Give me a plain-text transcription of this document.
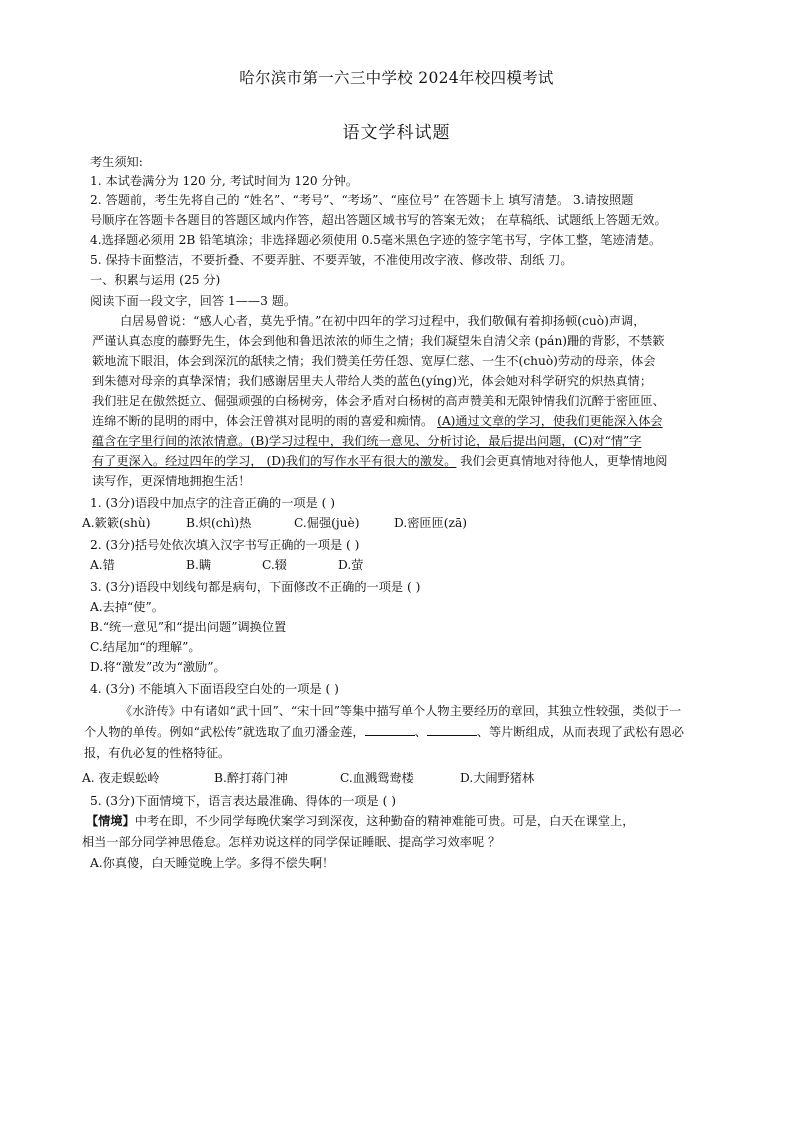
哈尔滨市第一六三中学校 2024年校四模考试
语文学科试题
考生须知:
1. 本试卷满分为 120 分, 考试时间为 120 分钟。
2. 答题前，考生先将自己的 “姓名”、“考号”、“考场”、“座位号” 在答题卡上 填写清楚。 3.请按照题
号顺序在答题卡各题目的答题区域内作答，超出答题区域书写的答案无效； 在草稿纸、试题纸上答题无效。
4.选择题必须用 2B 铅笔填涂；非选择题必须使用 0.5毫米黑色字迹的签字笔书写，字体工整，笔迹清楚。
5. 保持卡面整洁，不要折叠、不要弄脏、不要弄皱，不准使用改字液、修改带、刮纸 刀。
一、积累与运用 (25 分)
阅读下面一段文字，回答 1——3 题。
白居易曾说：“感人心者，莫先乎情。”在初中四年的学习过程中，我们敬佩有着抑扬顿(cuò)声调，
严谨认真态度的藤野先生，体会到他和鲁迅浓浓的师生之情；我们凝望朱自清父亲 (pán)跚的背影，不禁簌
簌地流下眼泪，体会到深沉的舐犊之情；我们赞美任劳任怨、宽厚仁慈、一生不(chuò)劳动的母亲，体会
到朱德对母亲的真挚深情；我们感谢居里夫人带给人类的蓝色(yíng)光，体会她对科学研究的炽热真情；
我们驻足在傲然挺立、倔强顽强的白杨树旁，体会矛盾对白杨树的高声赞美和无限钟情我们沉醉于密匝匝、
连绵不断的昆明的雨中，体会汪曾祺对昆明的雨的喜爱和痴情。 (A)通过文章的学习，使我们更能深入体会
蕴含在字里行间的浓浓情意。(B)学习过程中，我们统一意见、分析讨论，最后提出问题，(C)对“情”字
有了更深入。经过四年的学习， (D)我们的写作水平有很大的激发。 我们会更真情地对待他人，更挚情地阅
读写作，更深情地拥抱生活！
1. (3分)语段中加点字的注音正确的一项是 ( )
A.簌簌(shù)	B.炽(chì)热	C.倔强(juè)	D.密匝匝(zā)
2. (3分)括号处依次填入汉字书写正确的一项是 ( )
A.错	B.瞒	C.辍	D.萤
3. (3分)语段中划线句都是病句，下面修改不正确的一项是 ( )
A.去掉“使”。
B.“统一意见”和“提出问题”调换位置
C.结尾加“的理解”。
D.将“激发”改为“激励”。
4. (3分) 不能填入下面语段空白处的一项是 ( )
《水浒传》中有诸如“武十回”、“宋十回”等集中描写单个人物主要经历的章回，其独立性较强，类似于一
个人物的单传。例如“武松传”就选取了血刃潘金莲，	、	、等片断组成，从而表现了武松有恩必
报，有仇必复的性格特征。
A. 夜走蜈蚣岭	B.醉打蒋门神	C.血溅鸳鸯楼	D.大闹野猪林
5. (3分)下面情境下，语言表达最准确、得体的一项是 ( )
【情境】中考在即，不少同学每晚伏案学习到深夜，这种勤奋的精神难能可贵。可是，白天在课堂上，
相当一部分同学神思倦怠。怎样劝说这样的同学保证睡眠、提高学习效率呢 ？
A.你真傻，白天睡觉晚上学。多得不偿失啊！
